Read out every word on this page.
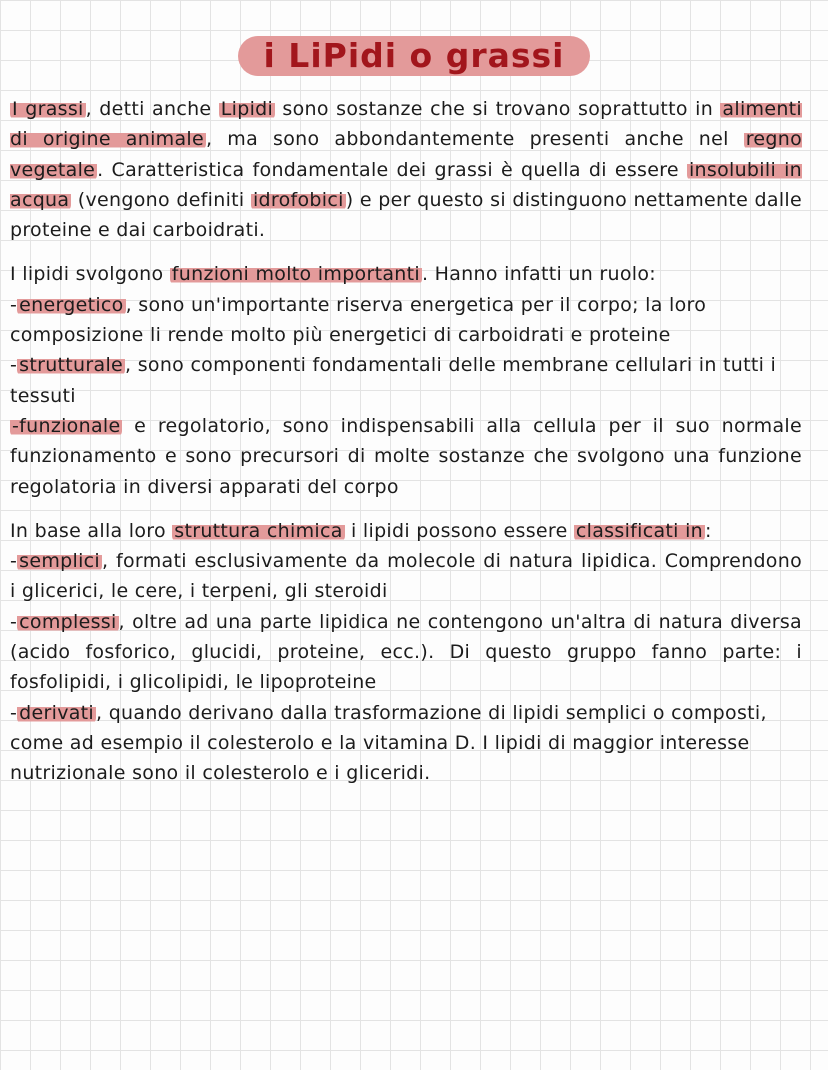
i LiPidi o grassi

I grassi , detti anche Lipidi sono sostanze che si trovano soprattutto in alimenti di origine animale , ma sono abbondantemente presenti anche nel regno vegetale . Caratteristica fondamentale dei grassi è quella di essere insolubili in acqua (vengono definiti idrofobici ) e per questo si distinguono nettamente dalle proteine e dai carboidrati.

I lipidi svolgono funzioni molto importanti . Hanno infatti un ruolo:

- energetico , sono un'importante riserva energetica per il corpo; la loro composizione li rende molto più energetici di carboidrati e proteine

- strutturale , sono componenti fondamentali delle membrane cellulari in tutti i tessuti

-funzionale e regolatorio, sono indispensabili alla cellula per il suo normale funzionamento e sono precursori di molte sostanze che svolgono una funzione regolatoria in diversi apparati del corpo

In base alla loro struttura chimica i lipidi possono essere classificati in :

- semplici , formati esclusivamente da molecole di natura lipidica. Comprendono i glicerici, le cere, i terpeni, gli steroidi

- complessi , oltre ad una parte lipidica ne contengono un'altra di natura diversa (acido fosforico, glucidi, proteine, ecc.). Di questo gruppo fanno parte: i fosfolipidi, i glicolipidi, le lipoproteine

- derivati , quando derivano dalla trasformazione di lipidi semplici o composti, come ad esempio il colesterolo e la vitamina D. I lipidi di maggior interesse nutrizionale sono il colesterolo e i gliceridi.
